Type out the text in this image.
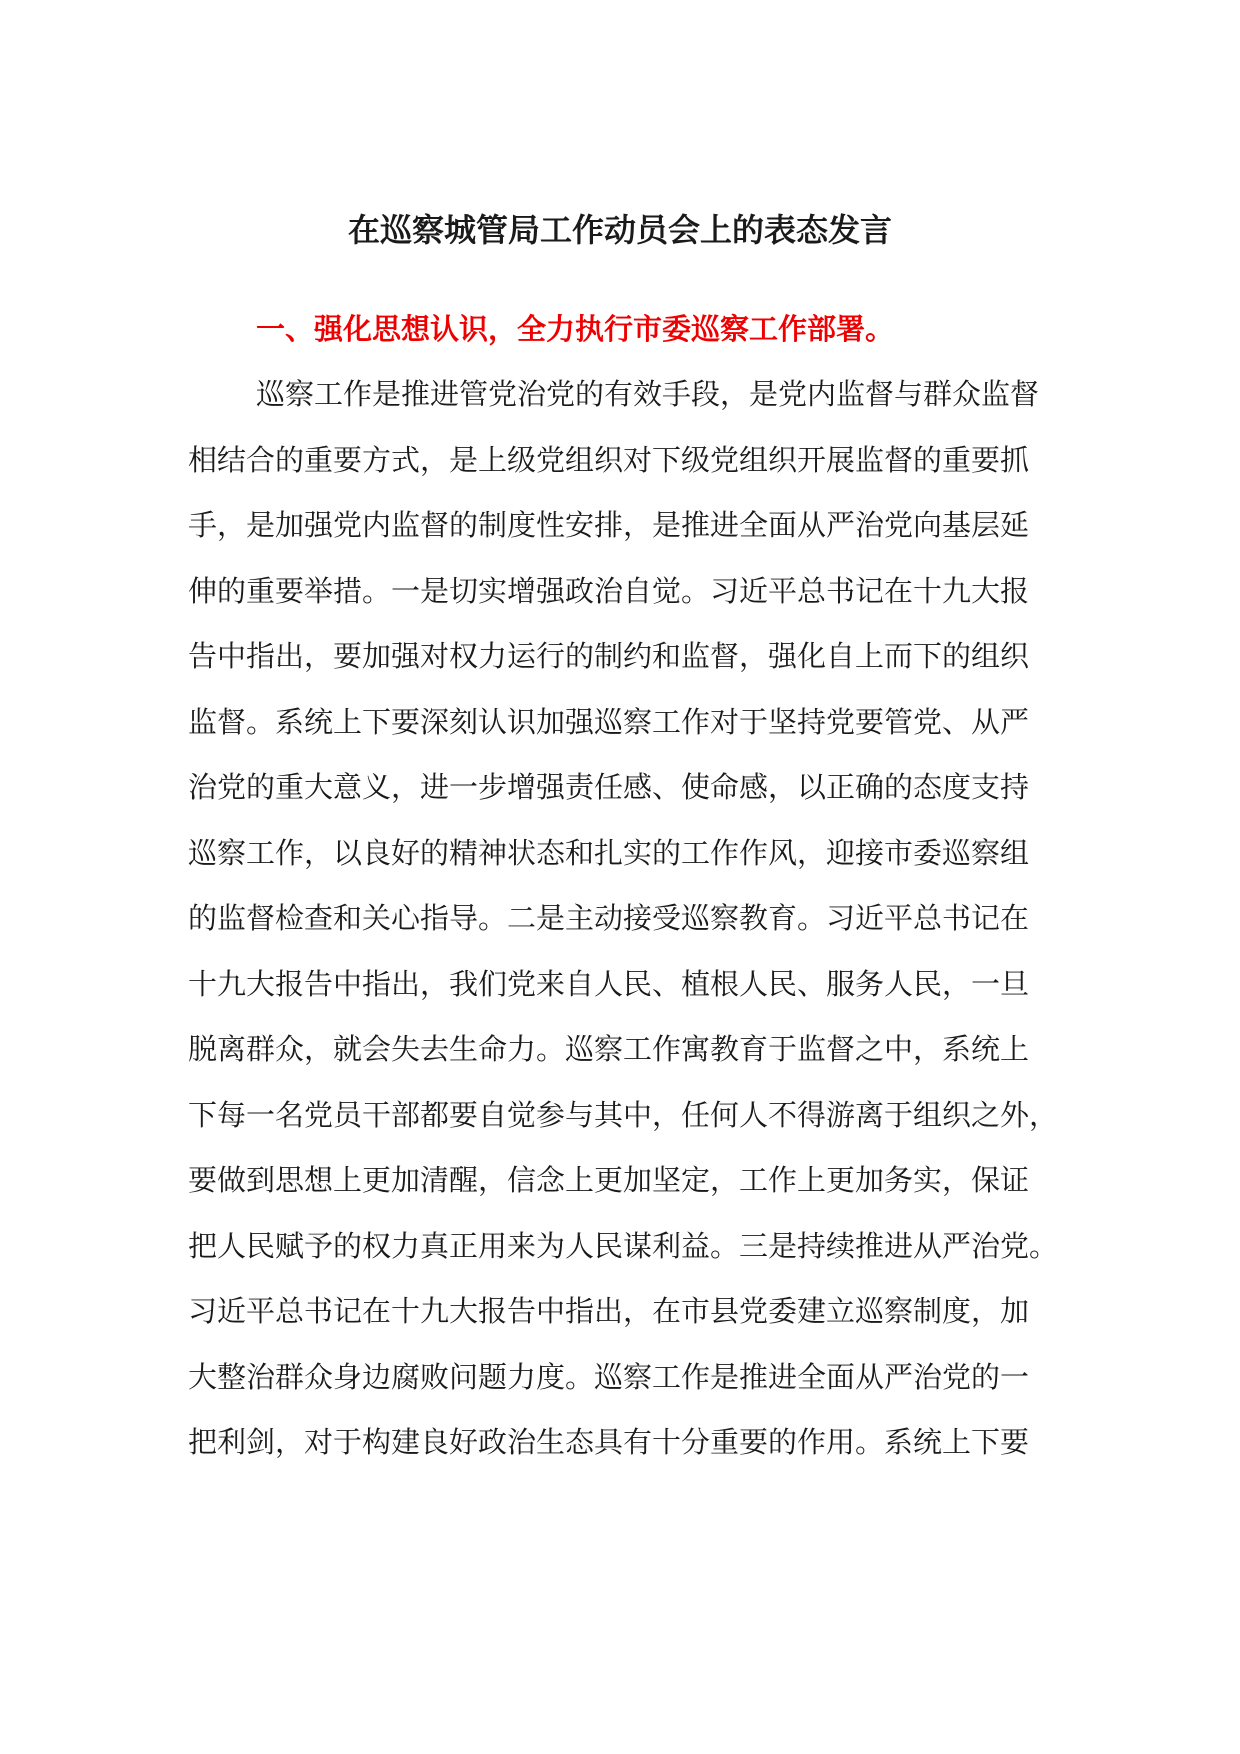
在巡察城管局工作动员会上的表态发言
一、强化思想认识，全力执行市委巡察工作部署。
巡察工作是推进管党治党的有效手段，是党内监督与群众监督
相结合的重要方式，是上级党组织对下级党组织开展监督的重要抓
手，是加强党内监督的制度性安排，是推进全面从严治党向基层延
伸的重要举措。一是切实增强政治自觉。习近平总书记在十九大报
告中指出，要加强对权力运行的制约和监督，强化自上而下的组织
监督。系统上下要深刻认识加强巡察工作对于坚持党要管党、从严
治党的重大意义，进一步增强责任感、使命感，以正确的态度支持
巡察工作，以良好的精神状态和扎实的工作作风，迎接市委巡察组
的监督检查和关心指导。二是主动接受巡察教育。习近平总书记在
十九大报告中指出，我们党来自人民、植根人民、服务人民，一旦
脱离群众，就会失去生命力。巡察工作寓教育于监督之中，系统上
下每一名党员干部都要自觉参与其中，任何人不得游离于组织之外，
要做到思想上更加清醒，信念上更加坚定，工作上更加务实，保证
把人民赋予的权力真正用来为人民谋利益。三是持续推进从严治党。
习近平总书记在十九大报告中指出，在市县党委建立巡察制度，加
大整治群众身边腐败问题力度。巡察工作是推进全面从严治党的一
把利剑，对于构建良好政治生态具有十分重要的作用。系统上下要
